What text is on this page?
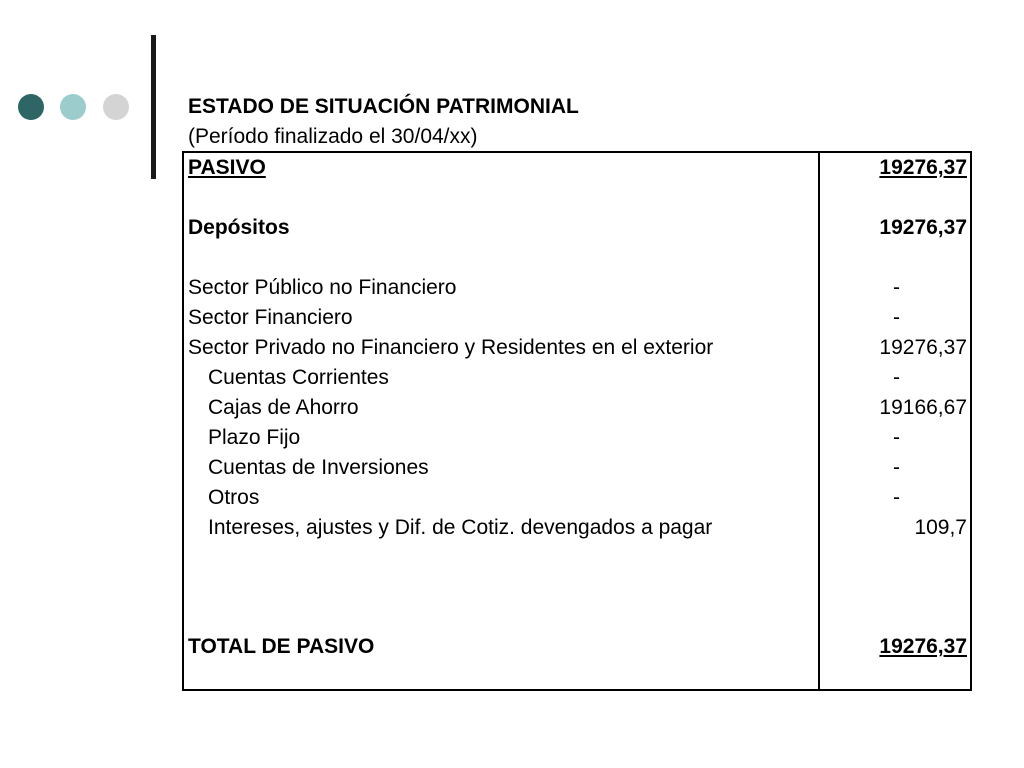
ESTADO DE SITUACIÓN PATRIMONIAL
(Período finalizado el 30/04/xx)
PASIVO	19276,37
Depósitos	19276,37
Sector Público no Financiero	-
Sector Financiero	-
Sector Privado no Financiero y Residentes en el exterior	19276,37
Cuentas Corrientes	-
Cajas de Ahorro	19166,67
Plazo Fijo	-
Cuentas de Inversiones	-
Otros	-
Intereses, ajustes y Dif. de Cotiz. devengados a pagar	109,7
TOTAL DE PASIVO	19276,37
